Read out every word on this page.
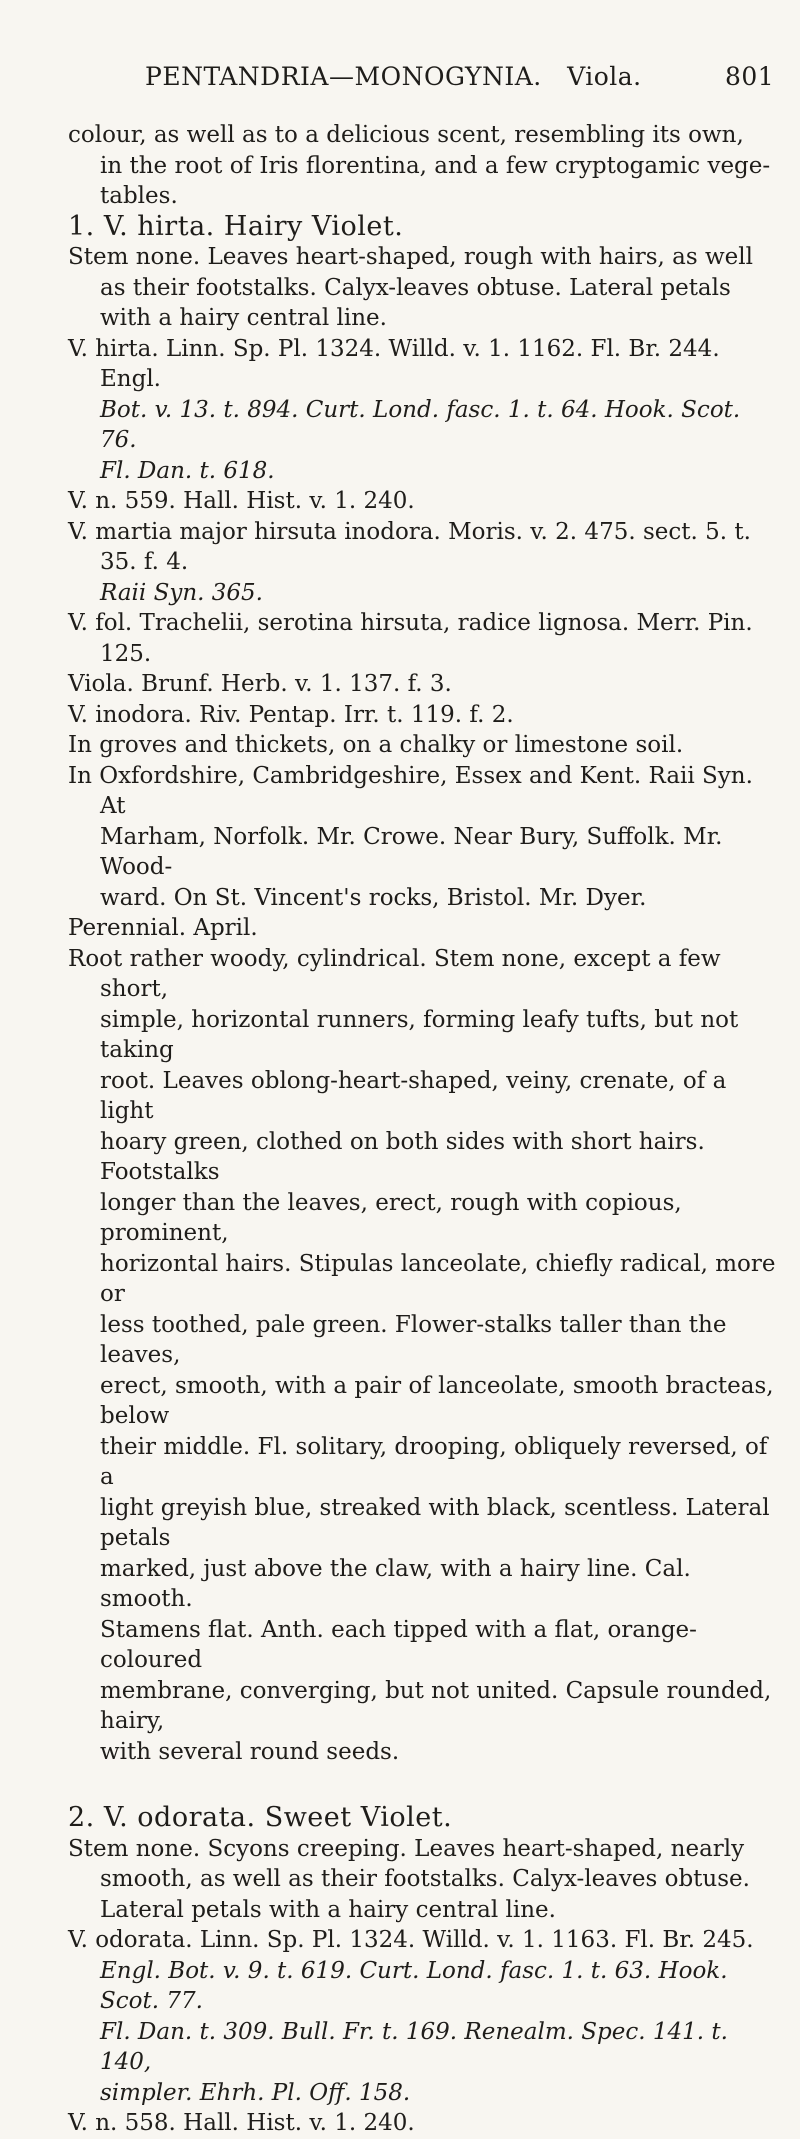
PENTANDRIA—MONOGYNIA. Viola.	801

colour, as well as to a delicious scent, resembling its own,
in the root of Iris florentina, and a few cryptogamic vege-
tables.

1. V. hirta. Hairy Violet.

Stem none. Leaves heart-shaped, rough with hairs, as well
as their footstalks. Calyx-leaves obtuse. Lateral petals
with a hairy central line.

V. hirta. Linn. Sp. Pl. 1324. Willd. v. 1. 1162. Fl. Br. 244. Engl.
Bot. v. 13. t. 894. Curt. Lond. fasc. 1. t. 64. Hook. Scot. 76.
Fl. Dan. t. 618.

V. n. 559. Hall. Hist. v. 1. 240.

V. martia major hirsuta inodora. Moris. v. 2. 475. sect. 5. t. 35. f. 4.
Raii Syn. 365.

V. fol. Trachelii, serotina hirsuta, radice lignosa. Merr. Pin. 125.

Viola. Brunf. Herb. v. 1. 137. f. 3.

V. inodora. Riv. Pentap. Irr. t. 119. f. 2.

In groves and thickets, on a chalky or limestone soil.

In Oxfordshire, Cambridgeshire, Essex and Kent. Raii Syn. At
Marham, Norfolk. Mr. Crowe. Near Bury, Suffolk. Mr. Wood-
ward. On St. Vincent's rocks, Bristol. Mr. Dyer.

Perennial. April.

Root rather woody, cylindrical. Stem none, except a few short,
simple, horizontal runners, forming leafy tufts, but not taking
root. Leaves oblong-heart-shaped, veiny, crenate, of a light
hoary green, clothed on both sides with short hairs. Footstalks
longer than the leaves, erect, rough with copious, prominent,
horizontal hairs. Stipulas lanceolate, chiefly radical, more or
less toothed, pale green. Flower-stalks taller than the leaves,
erect, smooth, with a pair of lanceolate, smooth bracteas, below
their middle. Fl. solitary, drooping, obliquely reversed, of a
light greyish blue, streaked with black, scentless. Lateral petals
marked, just above the claw, with a hairy line. Cal. smooth.
Stamens flat. Anth. each tipped with a flat, orange-coloured
membrane, converging, but not united. Capsule rounded, hairy,
with several round seeds.

2. V. odorata. Sweet Violet.

Stem none. Scyons creeping. Leaves heart-shaped, nearly
smooth, as well as their footstalks. Calyx-leaves obtuse.
Lateral petals with a hairy central line.

V. odorata. Linn. Sp. Pl. 1324. Willd. v. 1. 1163. Fl. Br. 245.
Engl. Bot. v. 9. t. 619. Curt. Lond. fasc. 1. t. 63. Hook. Scot. 77.
Fl. Dan. t. 309. Bull. Fr. t. 169. Renealm. Spec. 141. t. 140,
simpler. Ehrh. Pl. Off. 158.

V. n. 558. Hall. Hist. v. 1. 240.
